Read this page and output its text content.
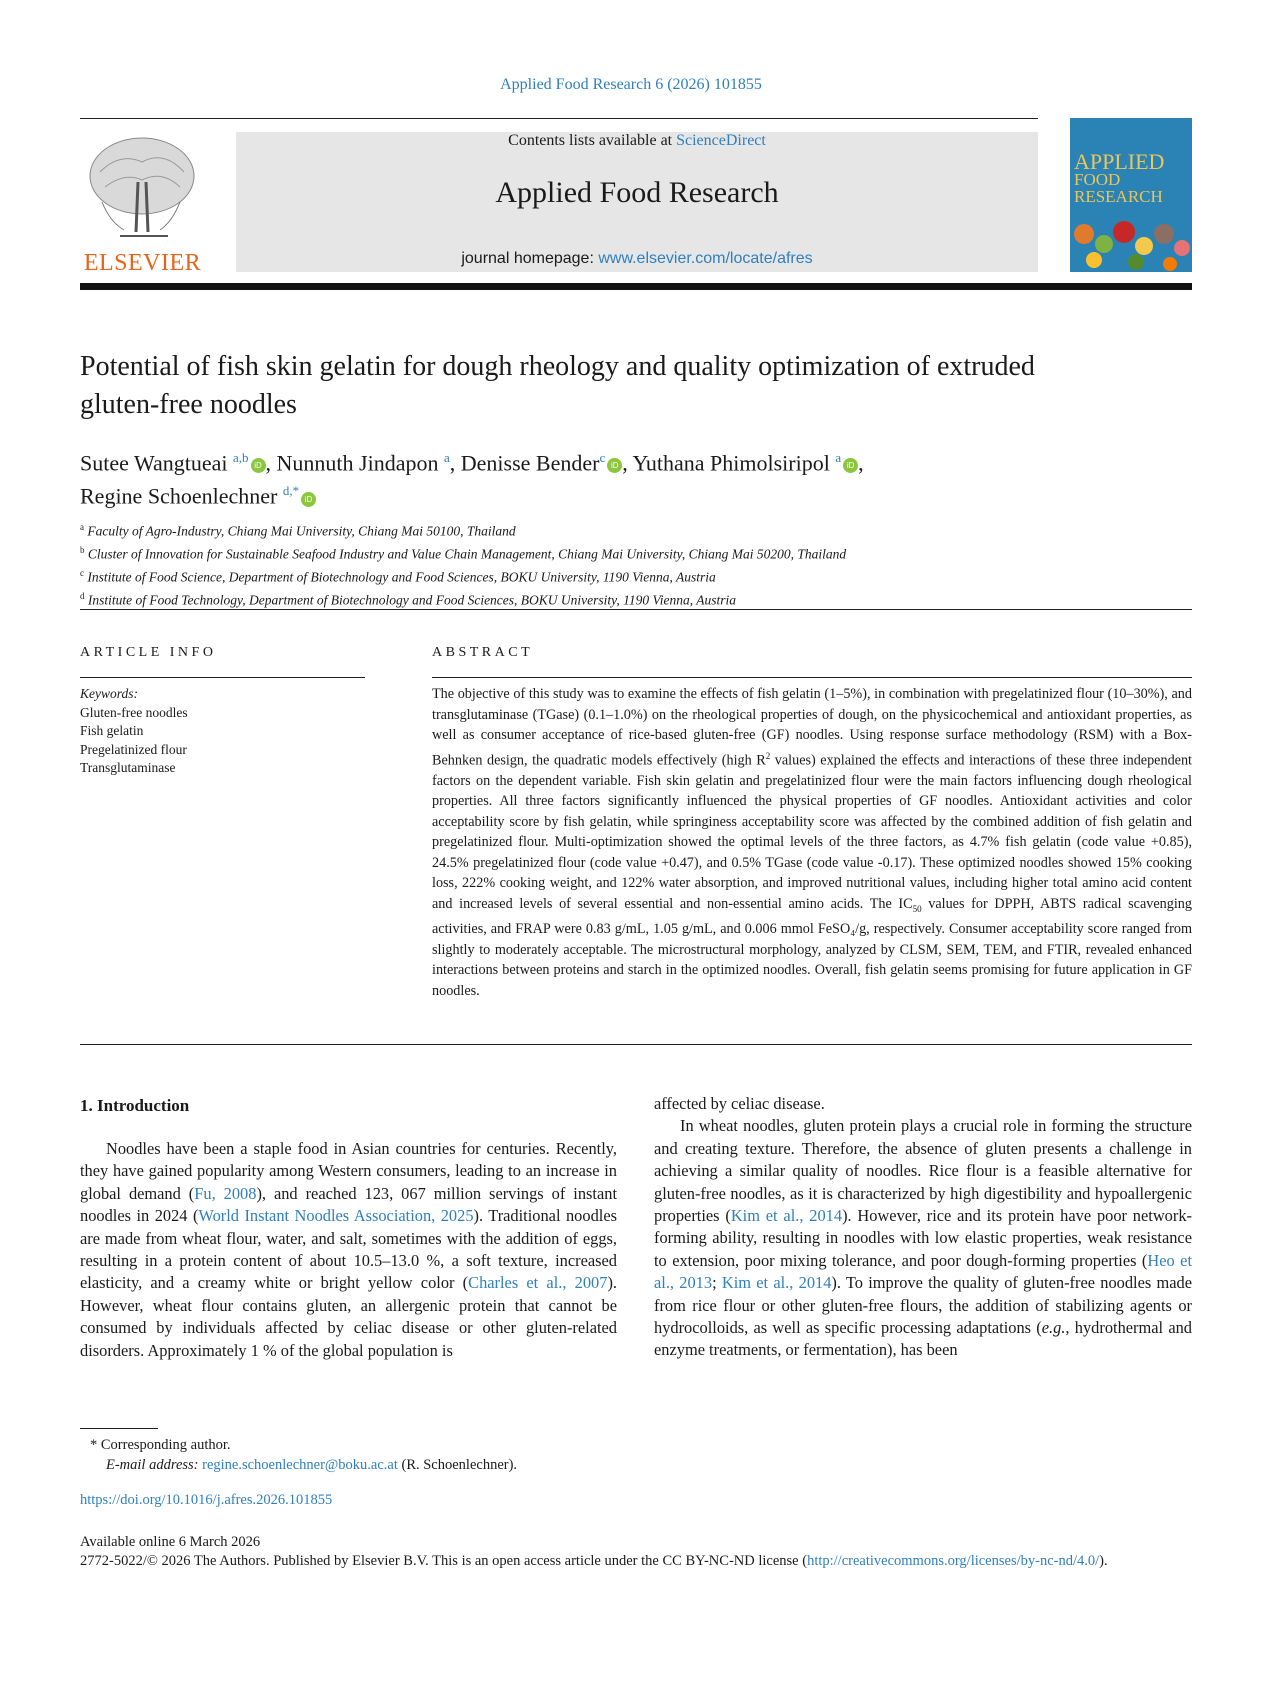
Applied Food Research 6 (2026) 101855
ELSEVIER
Contents lists available at ScienceDirect
Applied Food Research
journal homepage: www.elsevier.com/locate/afres
APPLIED
FOOD
RESEARCH
Potential of fish skin gelatin for dough rheology and quality optimization of extruded gluten-free noodles
Sutee Wangtueai $^{a,b}$iD , Nunnuth Jindapon $^a$, Denisse Bender$^c$iD , Yuthana Phimolsiripol $^a$iD ,
Regine Schoenlechner $^{d,*}$iD
$^a$ Faculty of Agro-Industry, Chiang Mai University, Chiang Mai 50100, Thailand
$^b$ Cluster of Innovation for Sustainable Seafood Industry and Value Chain Management, Chiang Mai University, Chiang Mai 50200, Thailand
$^c$ Institute of Food Science, Department of Biotechnology and Food Sciences, BOKU University, 1190 Vienna, Austria
$^d$ Institute of Food Technology, Department of Biotechnology and Food Sciences, BOKU University, 1190 Vienna, Austria
ARTICLE INFO	ABSTRACT
Keywords:
Gluten-free noodles
Fish gelatin
Pregelatinized flour
Transglutaminase
The objective of this study was to examine the effects of fish gelatin (1–5%), in combination with pregelatinized flour (10–30%), and transglutaminase (TGase) (0.1–1.0%) on the rheological properties of dough, on the physicochemical and antioxidant properties, as well as consumer acceptance of rice-based gluten-free (GF) noodles. Using response surface methodology (RSM) with a Box-Behnken design, the quadratic models effectively (high $R^2$ values) explained the effects and interactions of these three independent factors on the dependent variable. Fish skin gelatin and pregelatinized flour were the main factors influencing dough rheological properties. All three factors significantly influenced the physical properties of GF noodles. Antioxidant activities and color acceptability score by fish gelatin, while springiness acceptability score was affected by the combined addition of fish gelatin and pregelatinized flour. Multi-optimization showed the optimal levels of the three factors, as 4.7% fish gelatin (code value +0.85), 24.5% pregelatinized flour (code value +0.47), and 0.5% TGase (code value -0.17). These optimized noodles showed 15% cooking loss, 222% cooking weight, and 122% water absorption, and improved nutritional values, including higher total amino acid content and increased levels of several essential and non-essential amino acids. The $IC_{50}$ values for DPPH, ABTS radical scavenging activities, and FRAP were 0.83 g/mL, 1.05 g/mL, and 0.006 mmol FeSO₄/g, respectively. Consumer acceptability score ranged from slightly to moderately acceptable. The microstructural morphology, analyzed by CLSM, SEM, TEM, and FTIR, revealed enhanced interactions between proteins and starch in the optimized noodles. Overall, fish gelatin seems promising for future application in GF noodles.
1. Introduction

Noodles have been a staple food in Asian countries for centuries. Recently, they have gained popularity among Western consumers, leading to an increase in global demand (Fu, 2008), and reached 123, 067 million servings of instant noodles in 2024 (World Instant Noodles Association, 2025). Traditional noodles are made from wheat flour, water, and salt, sometimes with the addition of eggs, resulting in a protein content of about 10.5–13.0 %, a soft texture, increased elasticity, and a creamy white or bright yellow color (Charles et al., 2007). However, wheat flour contains gluten, an allergenic protein that cannot be consumed by individuals affected by celiac disease or other gluten-related disorders. Approximately 1 % of the global population is

affected by celiac disease.

In wheat noodles, gluten protein plays a crucial role in forming the structure and creating texture. Therefore, the absence of gluten presents a challenge in achieving a similar quality of noodles. Rice flour is a feasible alternative for gluten-free noodles, as it is characterized by high digestibility and hypoallergenic properties (Kim et al., 2014). However, rice and its protein have poor network-forming ability, resulting in noodles with low elastic properties, weak resistance to extension, poor mixing tolerance, and poor dough-forming properties (Heo et al., 2013; Kim et al., 2014). To improve the quality of gluten-free noodles made from rice flour or other gluten-free flours, the addition of stabilizing agents or hydrocolloids, as well as specific processing adaptations (e.g., hydrothermal and enzyme treatments, or fermentation), has been

* Corresponding author.
E-mail address: regine.schoenlechner@boku.ac.at (R. Schoenlechner).
https://doi.org/10.1016/j.afres.2026.101855
Available online 6 March 2026
2772-5022/© 2026 The Authors. Published by Elsevier B.V. This is an open access article under the CC BY-NC-ND license (http://creativecommons.org/licenses/by-nc-nd/4.0/).
